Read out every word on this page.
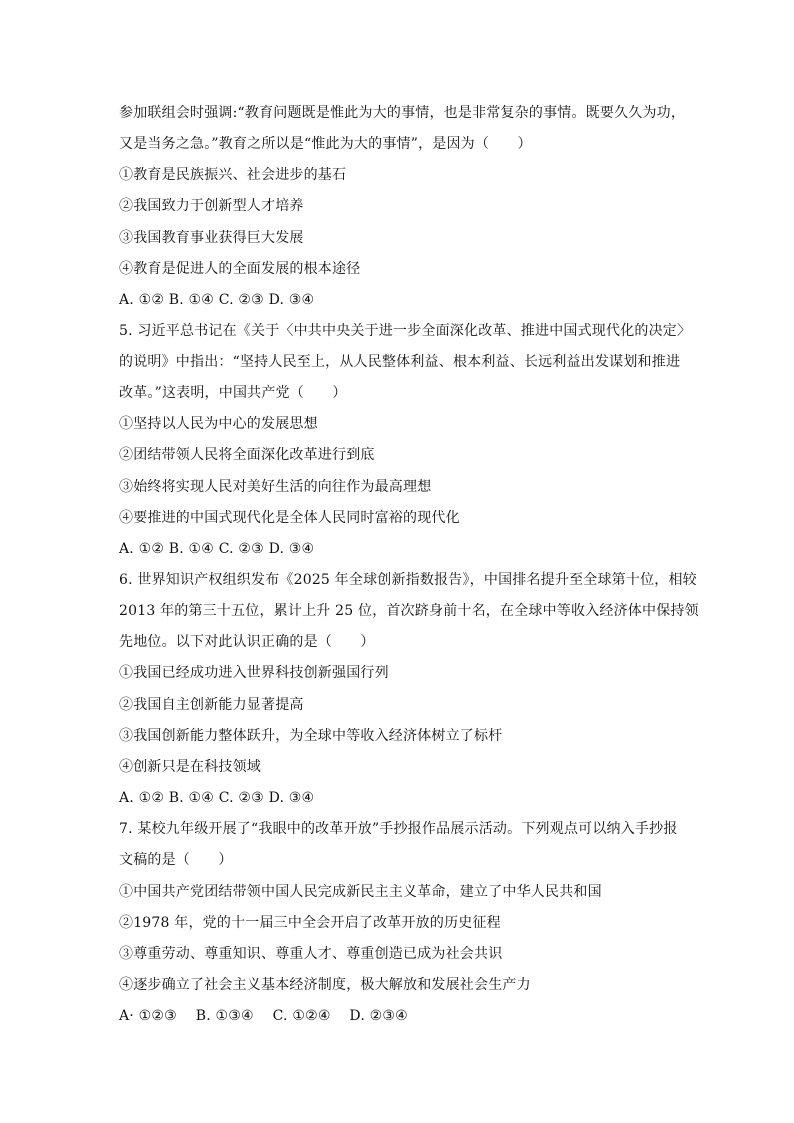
参加联组会时强调:“教育问题既是惟此为大的事情，也是非常复杂的事情。既要久久为功，
又是当务之急。”教育之所以是“惟此为大的事情”，是因为（　　）
①教育是民族振兴、社会进步的基石
②我国致力于创新型人才培养
③我国教育事业获得巨大发展
④教育是促进人的全面发展的根本途径
A. ①② B. ①④ C. ②③ D. ③④
5. 习近平总书记在《关于〈中共中央关于进一步全面深化改革、推进中国式现代化的决定〉
的说明》中指出：“坚持人民至上，从人民整体利益、根本利益、长远利益出发谋划和推进
改革。”这表明，中国共产党（　　）
①坚持以人民为中心的发展思想
②团结带领人民将全面深化改革进行到底
③始终将实现人民对美好生活的向往作为最高理想
④要推进的中国式现代化是全体人民同时富裕的现代化
A. ①② B. ①④ C. ②③ D. ③④
6. 世界知识产权组织发布《2025 年全球创新指数报告》，中国排名提升至全球第十位，相较
2013 年的第三十五位，累计上升 25 位，首次跻身前十名，在全球中等收入经济体中保持领
先地位。以下对此认识正确的是（　　）
①我国已经成功进入世界科技创新强国行列
②我国自主创新能力显著提高
③我国创新能力整体跃升，为全球中等收入经济体树立了标杆
④创新只是在科技领域
A. ①② B. ①④ C. ②③ D. ③④
7. 某校九年级开展了“我眼中的改革开放”手抄报作品展示活动。下列观点可以纳入手抄报
文稿的是（　　）
①中国共产党团结带领中国人民完成新民主主义革命，建立了中华人民共和国
②1978 年，党的十一届三中全会开启了改革开放的历史征程
③尊重劳动、尊重知识、尊重人才、尊重创造已成为社会共识
④逐步确立了社会主义基本经济制度，极大解放和发展社会生产力
A· ①②③　 B. ①③④　 C. ①②④　 D. ②③④
